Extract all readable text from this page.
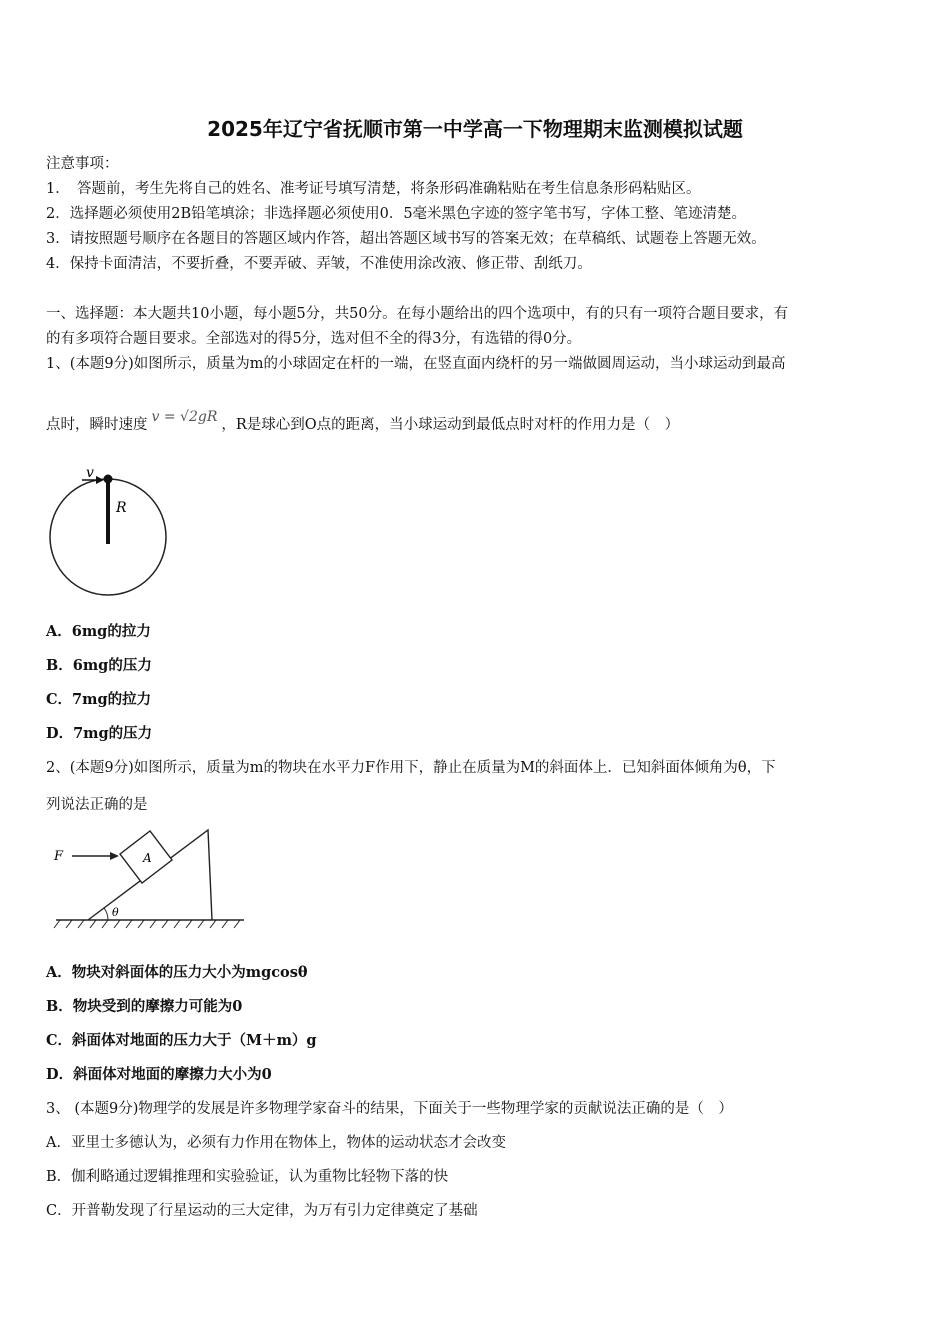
2025年辽宁省抚顺市第一中学高一下物理期末监测模拟试题
注意事项：
1．　答题前，考生先将自己的姓名、准考证号填写清楚，将条形码准确粘贴在考生信息条形码粘贴区。
2．选择题必须使用2B铅笔填涂；非选择题必须使用0．5毫米黑色字迹的签字笔书写，字体工整、笔迹清楚。
3．请按照题号顺序在各题目的答题区域内作答，超出答题区域书写的答案无效；在草稿纸、试题卷上答题无效。
4．保持卡面清洁，不要折叠，不要弄破、弄皱，不准使用涂改液、修正带、刮纸刀。
一、选择题：本大题共10小题，每小题5分，共50分。在每小题给出的四个选项中，有的只有一项符合题目要求，有
的有多项符合题目要求。全部选对的得5分，选对但不全的得3分，有选错的得0分。
1、(本题9分)如图所示，质量为m的小球固定在杆的一端，在竖直面内绕杆的另一端做圆周运动，当小球运动到最高
点时，瞬时速度 v = √2gR ，R是球心到O点的距离，当小球运动到最低点时对杆的作用力是（　）
v
R
A．6mg的拉力
B．6mg的压力
C．7mg的拉力
D．7mg的压力
2、(本题9分)如图所示，质量为m的物块在水平力F作用下，静止在质量为M的斜面体上．已知斜面体倾角为θ，下
列说法正确的是
A
F
θ
A．物块对斜面体的压力大小为mgcosθ
B．物块受到的摩擦力可能为0
C．斜面体对地面的压力大于（M＋m）g
D．斜面体对地面的摩擦力大小为0
3、 (本题9分)物理学的发展是许多物理学家奋斗的结果，下面关于一些物理学家的贡献说法正确的是（　）
A．亚里士多德认为，必须有力作用在物体上，物体的运动状态才会改变
B．伽利略通过逻辑推理和实验验证，认为重物比轻物下落的快
C．开普勒发现了行星运动的三大定律，为万有引力定律奠定了基础
